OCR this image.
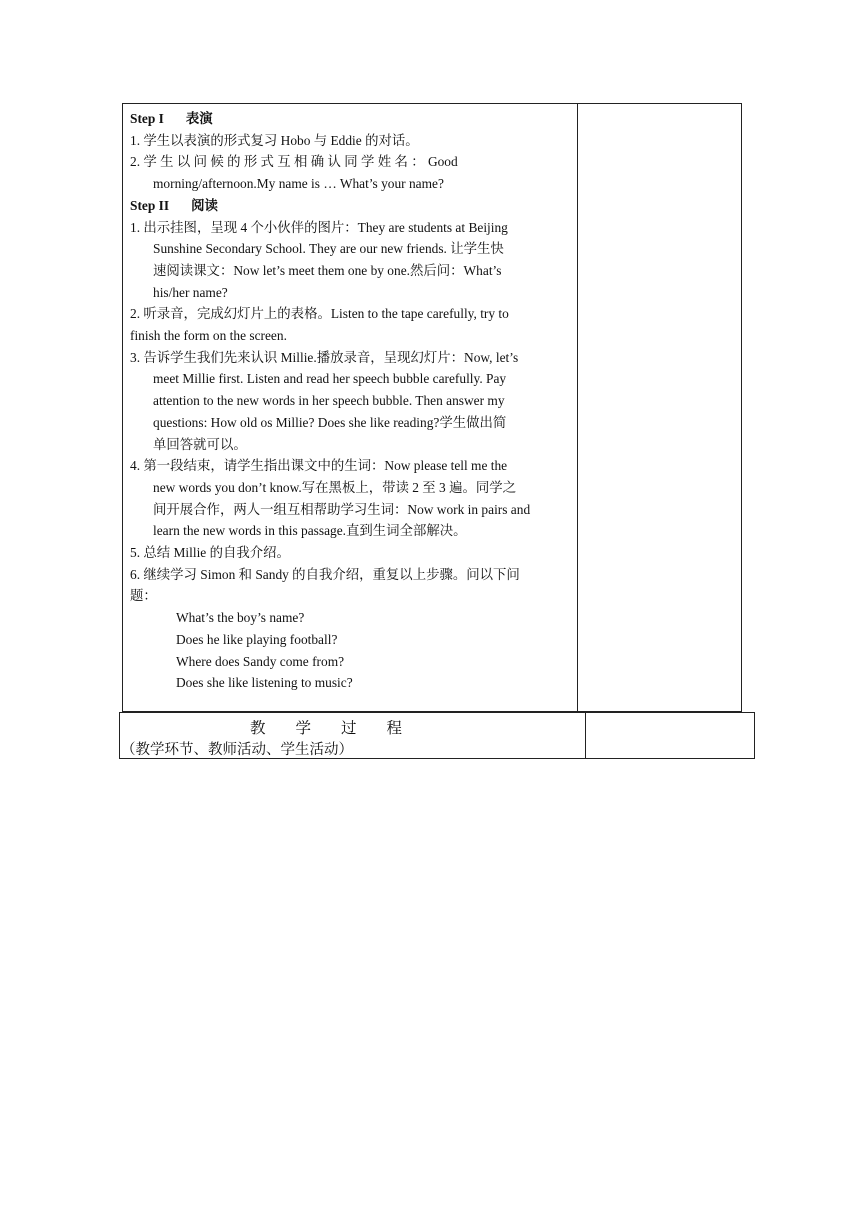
Step I 表演
1. 学生以表演的形式复习 Hobo 与 Eddie 的对话。
2. 学 生 以 问 候 的 形 式 互 相 确 认 同 学 姓 名 ： Good
morning/afternoon.My name is … What’s your name?
Step II 阅读
1. 出示挂图，呈现 4 个小伙伴的图片：They are students at Beijing
Sunshine Secondary School. They are our new friends. 让学生快
速阅读课文：Now let’s meet them one by one.然后问：What’s
his/her name?
2. 听录音，完成幻灯片上的表格。Listen to the tape carefully, try to
finish the form on the screen.
3. 告诉学生我们先来认识 Millie.播放录音，呈现幻灯片：Now, let’s
meet Millie first. Listen and read her speech bubble carefully. Pay
attention to the new words in her speech bubble. Then answer my
questions: How old os Millie? Does she like reading?学生做出简
单回答就可以。
4. 第一段结束，请学生指出课文中的生词：Now please tell me the
new words you don’t know.写在黑板上，带读 2 至 3 遍。同学之
间开展合作，两人一组互相帮助学习生词：Now work in pairs and
learn the new words in this passage.直到生词全部解决。
5. 总结 Millie 的自我介绍。
6. 继续学习 Simon 和 Sandy 的自我介绍，重复以上步骤。问以下问
题：
What’s the boy’s name?
Does he like playing football?
Where does Sandy come from?
Does she like listening to music?
教学过程
（教学环节、教师活动、学生活动）
